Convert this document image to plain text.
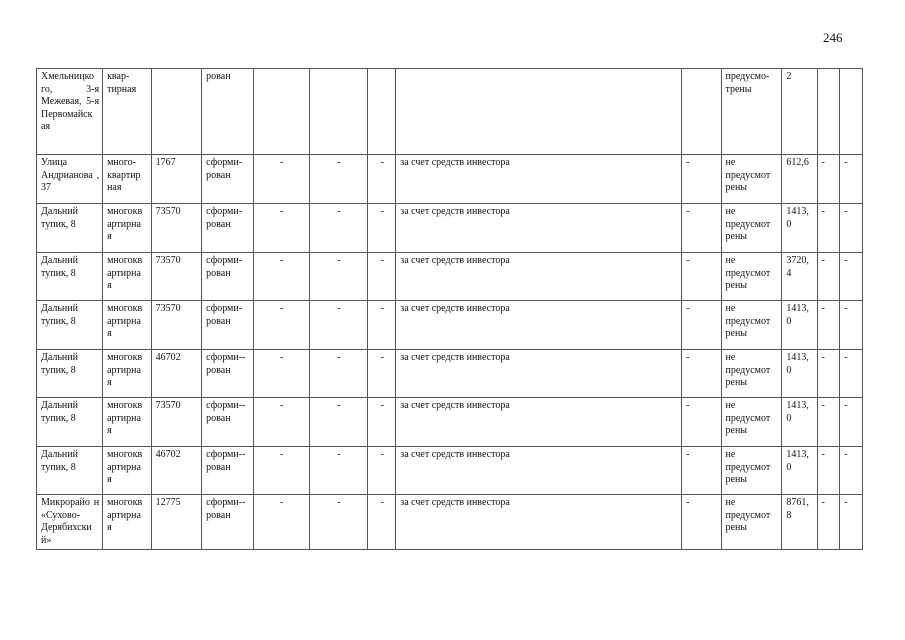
246
Хмельницко го, 3-я Межевая, 5-я Первомайск ая	квар-тирная		рован						предусмо-трены	2		
Улица Андрианова , 37	много-квартир ная	1767	сформи-рован	-	-	-	за счет средств инвестора	-	не предусмот рены	612,6	-	-
Дальний тупик, 8	многокв артирна я	73570	сформи-рован	-	-	-	за счет средств инвестора	-	не предусмот рены	1413, 0	-	-
Дальний тупик, 8	многокв артирна я	73570	сформи-рован	-	-	-	за счет средств инвестора	-	не предусмот рены	3720, 4	-	-
Дальний тупик, 8	многокв артирна я	73570	сформи-рован	-	-	-	за счет средств инвестора	-	не предусмот рены	1413, 0	-	-
Дальний тупик, 8	многокв артирна я	46702	сформи--рован	-	-	-	за счет средств инвестора	-	не предусмот рены	1413, 0	-	-
Дальний тупик, 8	многокв артирна я	73570	сформи--рован	-	-	-	за счет средств инвестора	-	не предусмот рены	1413, 0	-	-
Дальний тупик, 8	многокв артирна я	46702	сформи--рован	-	-	-	за счет средств инвестора	-	не предусмот рены	1413, 0	-	-
Микрорайо н «Сухово-Дерябихски й»	многокв артирна я	12775	сформи--рован	-	-	-	за счет средств инвестора	-	не предусмот рены	8761, 8	-	-
